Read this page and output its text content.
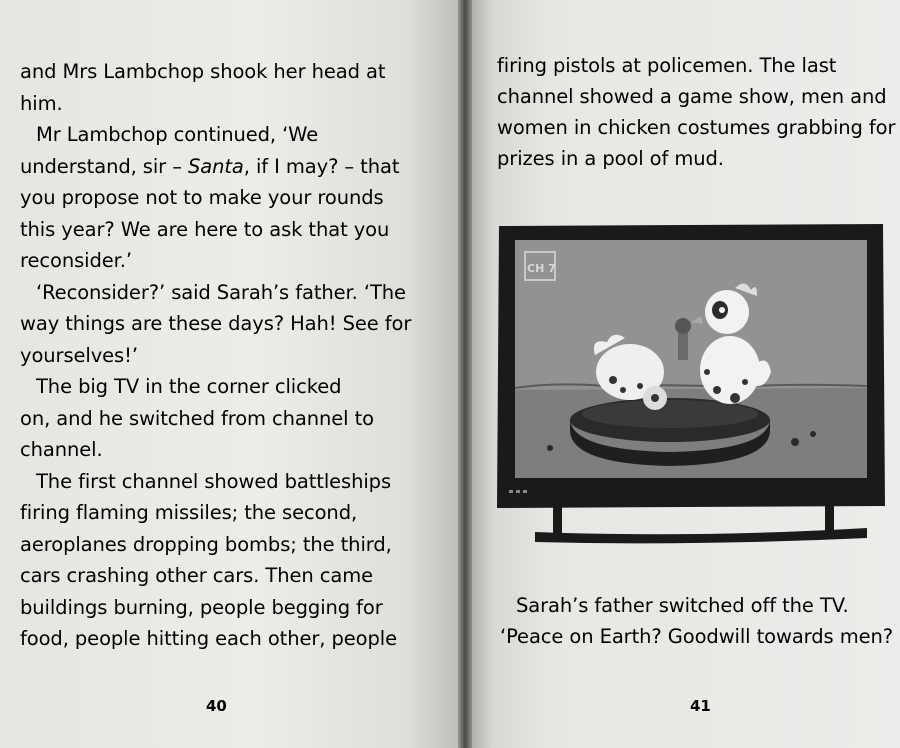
and Mrs Lambchop shook her head at

him.

Mr Lambchop continued, ‘We

understand, sir – Santa, if I may? – that

you propose not to make your rounds

this year? We are here to ask that you

reconsider.’

‘Reconsider?’ said Sarah’s father. ‘The

way things are these days? Hah! See for

yourselves!’

The big TV in the corner clicked

on, and he switched from channel to

channel.

The first channel showed battleships

firing flaming missiles; the second,

aeroplanes dropping bombs; the third,

cars crashing other cars. Then came

buildings burning, people begging for

food, people hitting each other, people

40

firing pistols at policemen. The last

channel showed a game show, men and

women in chicken costumes grabbing for

prizes in a pool of mud.

CH 7

Sarah’s father switched off the TV.

‘Peace on Earth? Goodwill towards men?

41
